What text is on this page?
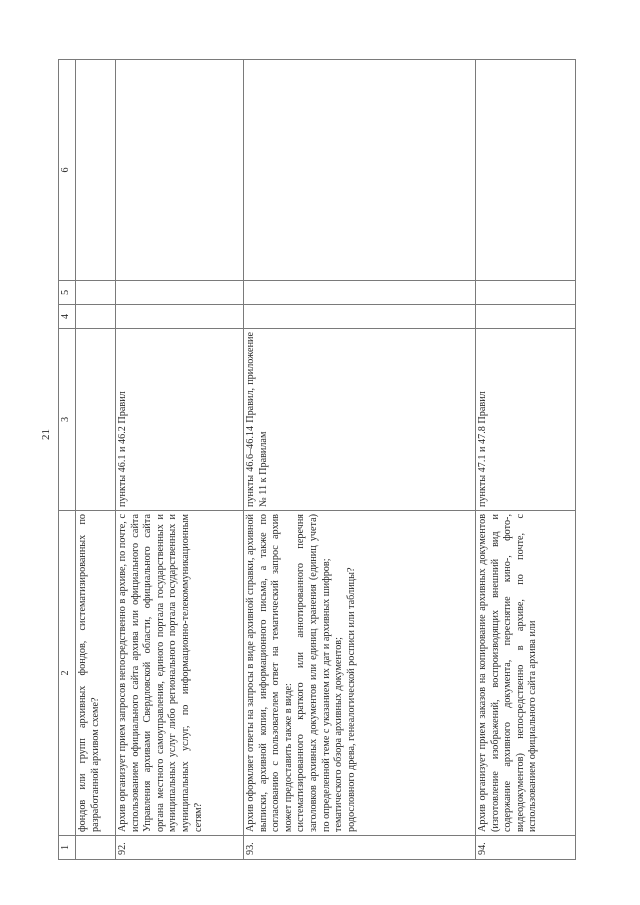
21
1	2	3	4	5	6

	фондов или групп архивных фондов, систематизированных по разработанной архивом схеме?				

92.	Архив организует прием запросов непосредственно в архиве, по почте, с использованием официального сайта архива или официального сайта Управления архивами Свердловской области, официального сайта органа местного самоуправления, единого портала государственных и муниципальных услуг либо регионального портала государственных и муниципальных услуг, по информационно-телекоммуникационным сетям?	пункты 46.1 и 46.2 Правил			
93.	Архив оформляет ответы на запросы в виде архивной справки, архивной выписки, архивной копии, информационного письма, а также по согласованию с пользователем ответ на тематический запрос архив может предоставить также в виде: систематизированного краткого или аннотированного перечня заголовков архивных документов или единиц хранения (единиц учета) по определенной теме с указанием их дат и архивных шифров; тематического обзора архивных документов; родословного древа, генеалогической росписи или таблицы?	пункты 46.6–46.14 Правил, приложение № 11 к Правилам			

94.	Архив организует прием заказов на копирование архивных документов (изготовление изображений, воспроизводящих внешний вид и содержание архивного документа, переснятие кино-, фото-, видеодокументов) непосредственно в архиве, по почте, с использованием официального сайта архива или	пункты 47.1 и 47.8 Правил			
